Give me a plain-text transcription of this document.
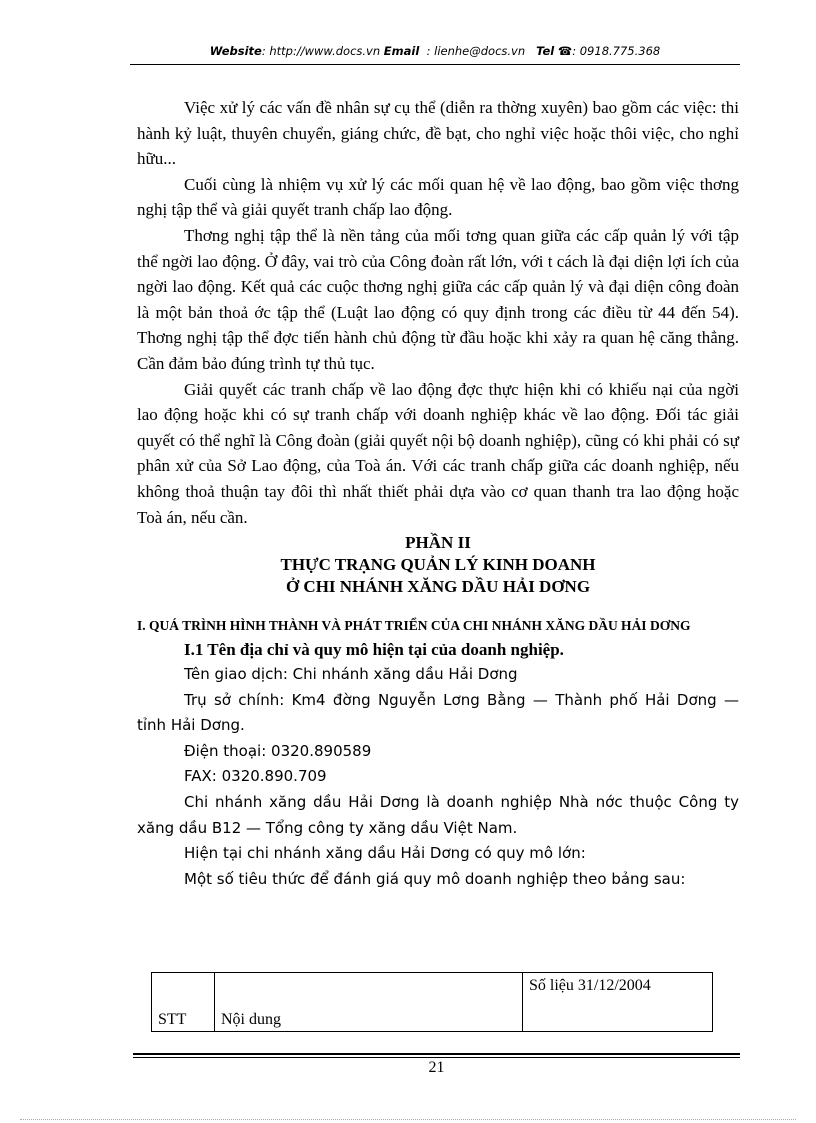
Website: http://www.docs.vn Email : lienhe@docs.vn Tel ☎: 0918.775.368

Việc xử lý các vấn đề nhân sự cụ thể (diễn ra thờng xuyên) bao gồm các việc: thi hành kỷ luật, thuyên chuyển, giáng chức, đề bạt, cho nghỉ việc hoặc thôi việc, cho nghỉ hữu...

Cuối cùng là nhiệm vụ xử lý các mối quan hệ về lao động, bao gồm việc thơng nghị tập thể và giải quyết tranh chấp lao động.

Thơng nghị tập thể là nền tảng của mối tơng quan giữa các cấp quản lý với tập thể ngời lao động. Ở đây, vai trò của Công đoàn rất lớn, với t cách là đại diện lợi ích của ngời lao động. Kết quả các cuộc thơng nghị giữa các cấp quản lý và đại diện công đoàn là một bản thoả ớc tập thể (Luật lao động có quy định trong các điều từ 44 đến 54). Thơng nghị tập thể đợc tiến hành chủ động từ đầu hoặc khi xảy ra quan hệ căng thẳng. Cần đảm bảo đúng trình tự thủ tục.

Giải quyết các tranh chấp về lao động đợc thực hiện khi có khiếu nại của ngời lao động hoặc khi có sự tranh chấp với doanh nghiệp khác về lao động. Đối tác giải quyết có thể nghĩ là Công đoàn (giải quyết nội bộ doanh nghiệp), cũng có khi phải có sự phân xử của Sở Lao động, của Toà án. Với các tranh chấp giữa các doanh nghiệp, nếu không thoả thuận tay đôi thì nhất thiết phải dựa vào cơ quan thanh tra lao động hoặc Toà án, nếu cần.

PHẦN II

THỰC TRẠNG QUẢN LÝ KINH DOANH

Ở CHI NHÁNH XĂNG DẦU HẢI DƠNG

I. QUÁ TRÌNH HÌNH THÀNH VÀ PHÁT TRIỂN CỦA CHI NHÁNH XĂNG DẦU HẢI DƠNG

I.1 Tên địa chỉ và quy mô hiện tại của doanh nghiệp.

Tên giao dịch: Chi nhánh xăng dầu Hải Dơng

Trụ sở chính: Km4 đờng Nguyễn Lơng Bằng — Thành phố Hải Dơng — tỉnh Hải Dơng.

Điện thoại: 0320.890589

FAX: 0320.890.709

Chi nhánh xăng dầu Hải Dơng là doanh nghiệp Nhà nớc thuộc Công ty xăng dầu B12 — Tổng công ty xăng dầu Việt Nam.

Hiện tại chi nhánh xăng dầu Hải Dơng có quy mô lớn:

Một số tiêu thức để đánh giá quy mô doanh nghiệp theo bảng sau:

STT	Nội dung	Số liệu 31/12/2004
21
